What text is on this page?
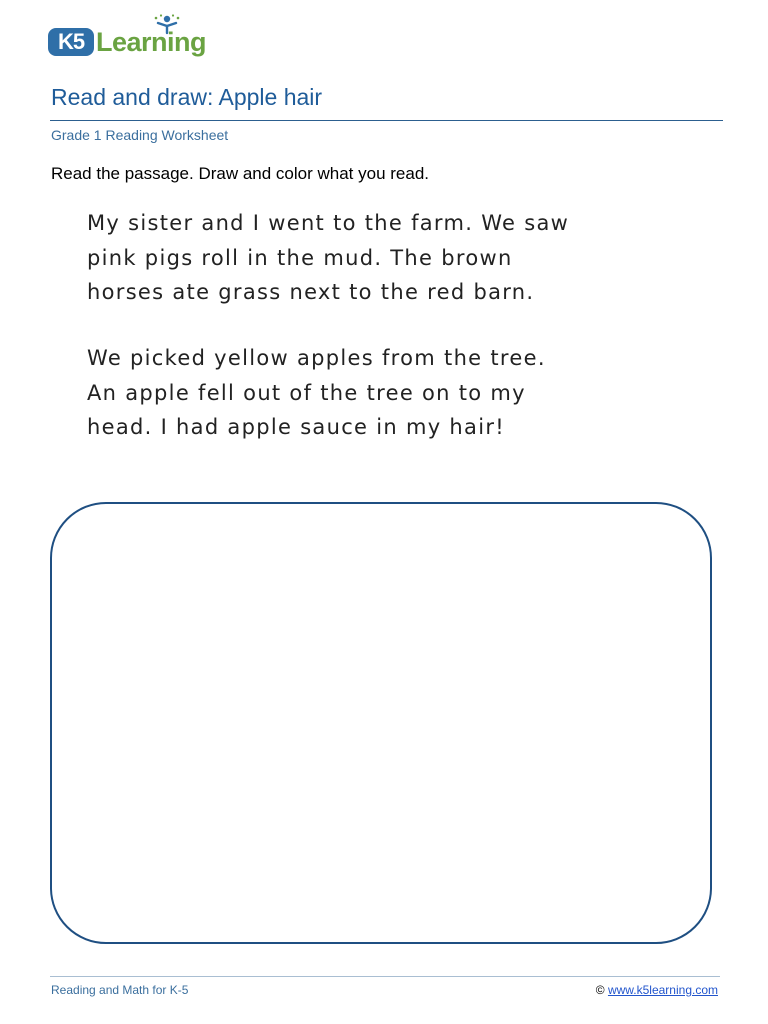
K5 Learning
Read and draw: Apple hair
Grade 1 Reading Worksheet
Read the passage. Draw and color what you read.
My sister and I went to the farm. We saw
pink pigs roll in the mud. The brown
horses ate grass next to the red barn.
We picked yellow apples from the tree.
An apple fell out of the tree on to my
head. I had apple sauce in my hair!
Reading and Math for K-5	© www.k5learning.com
